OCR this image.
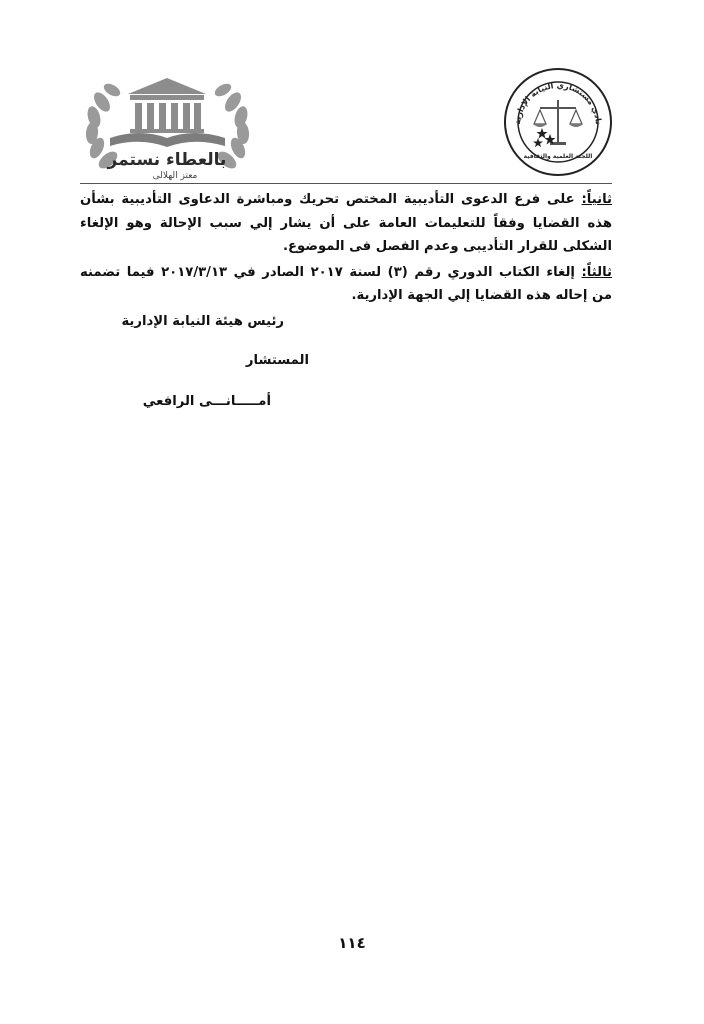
بالعطاء نستمر
معتز الهلالى
نادي مستشاري النيابة الإدارية
اللجنة العلمية والثقافية

ثانياً: على فرع الدعوى التأديبية المختص تحريك ومباشرة الدعاوى التأديبية بشأن هذه القضايا وفقاً للتعليمات العامة على أن يشار إلي سبب الإحالة وهو الإلغاء الشكلى للقرار التأديبى وعدم الفصل فى الموضوع.

ثالثاً: إلغاء الكتاب الدوري رقم (٣) لسنة ٢٠١٧ الصادر في ٢٠١٧/٣/١٣ فيما تضمنه من إحاله هذه القضايا إلي الجهة الإدارية.

رئيس هيئة النيابة الإدارية
المستشار
أمـــــانـــى الرافعي
١١٤
